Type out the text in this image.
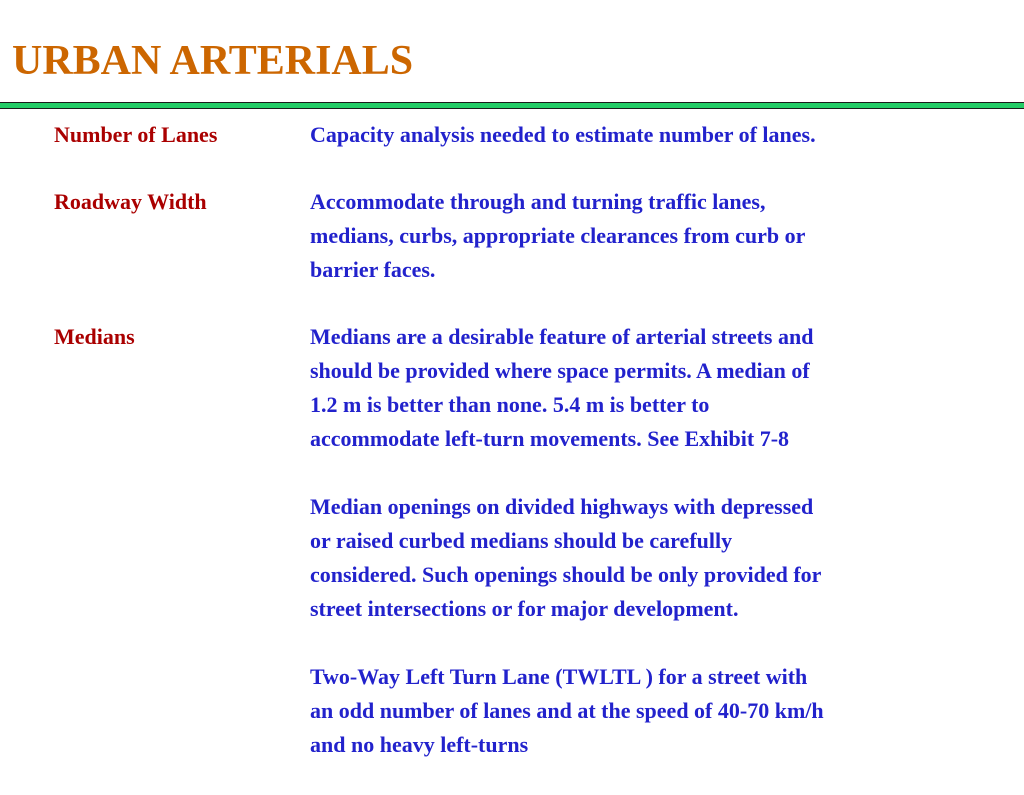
URBAN ARTERIALS
Number of Lanes	Capacity analysis needed to estimate number of lanes.

Roadway Width	Accommodate through and turning traffic lanes,
medians, curbs, appropriate clearances from curb or
barrier faces.

Medians	Medians are a desirable feature of arterial streets and
should be provided where space permits. A median of
1.2 m is better than none. 5.4 m is better to
accommodate left-turn movements. See Exhibit 7-8

Median openings on divided highways with depressed
or raised curbed medians should be carefully
considered. Such openings should be only provided for
street intersections or for major development.

Two-Way Left Turn Lane (TWLTL ) for a street with
an odd number of lanes and at the speed of 40-70 km/h
and no heavy left-turns
